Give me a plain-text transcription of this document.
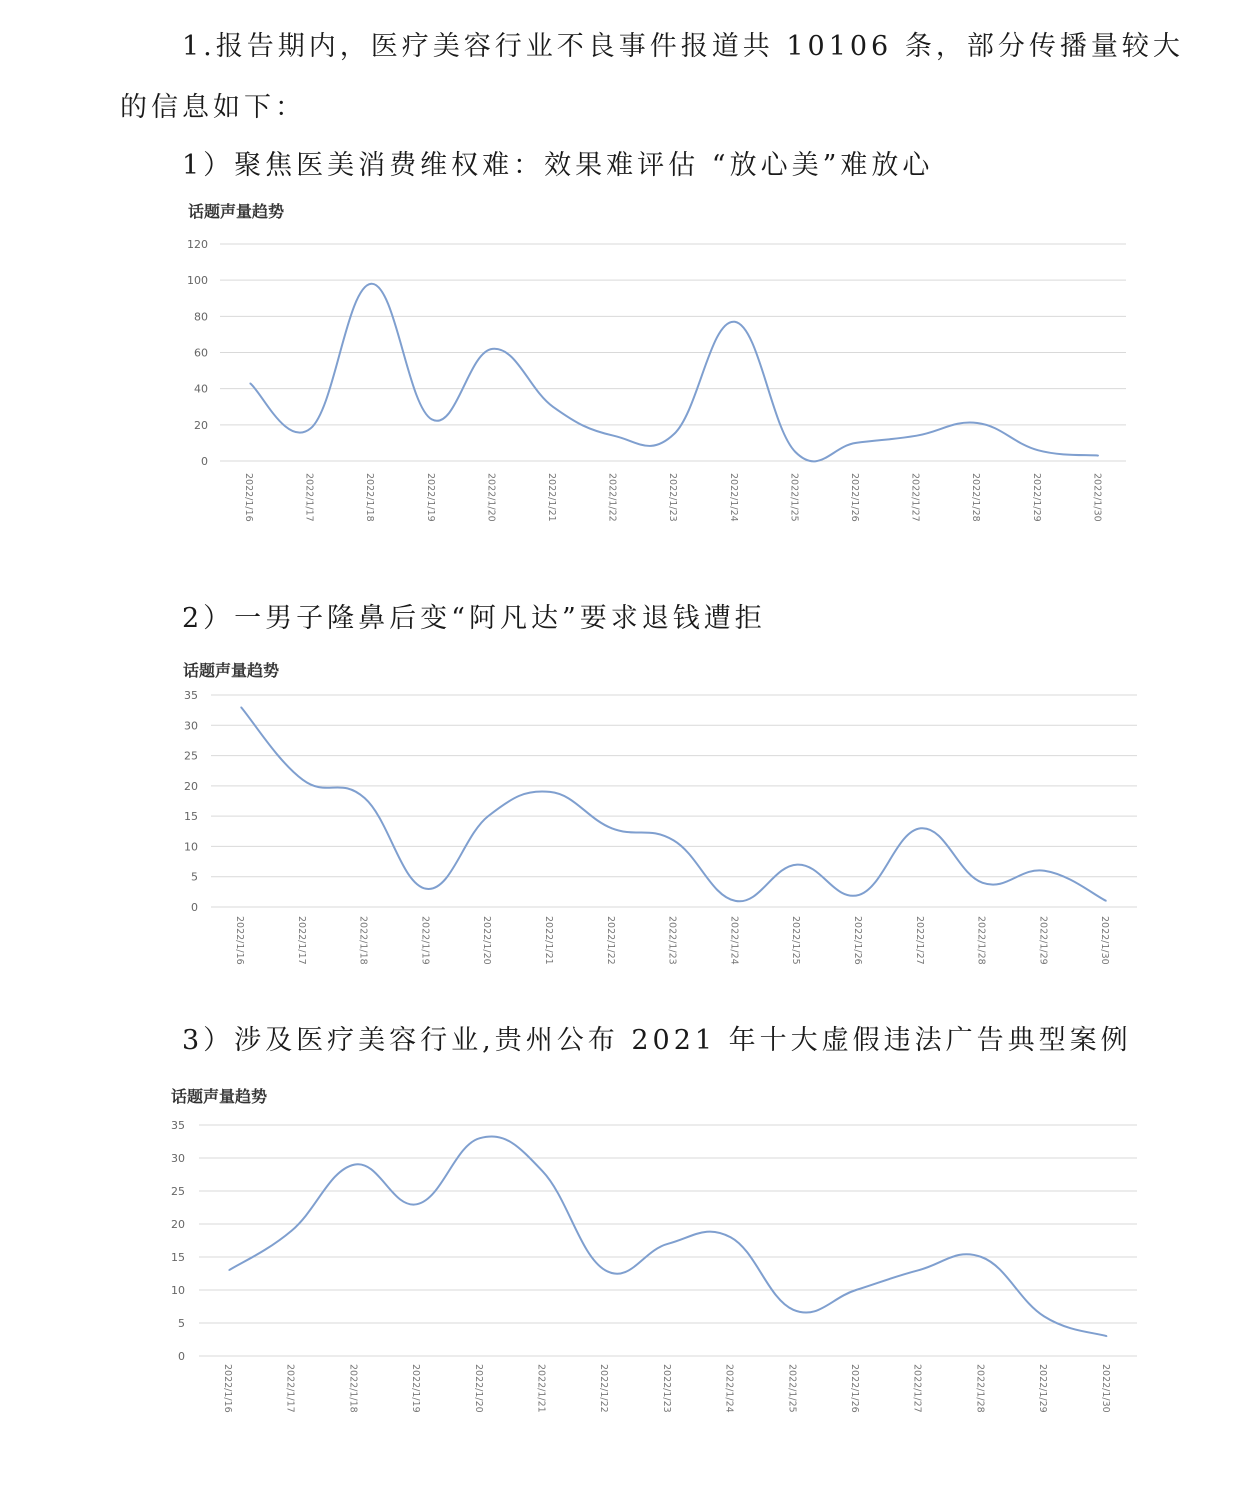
1.报告期内，医疗美容行业不良事件报道共 10106 条，部分传播量较大

的信息如下：

1）聚焦医美消费维权难：效果难评估 “放心美”难放心

话题声量趋势
0
20
40
60
80
100
120
2022/1/16	2022/1/17	2022/1/18	2022/1/19	2022/1/20	2022/1/21	2022/1/22	2022/1/23	2022/1/24	2022/1/25	2022/1/26	2022/1/27	2022/1/28	2022/1/29	2022/1/30

2）一男子隆鼻后变“阿凡达”要求退钱遭拒

话题声量趋势
0
5
10
15
20
25
30
35
2022/1/16	2022/1/17	2022/1/18	2022/1/19	2022/1/20	2022/1/21	2022/1/22	2022/1/23	2022/1/24	2022/1/25	2022/1/26	2022/1/27	2022/1/28	2022/1/29	2022/1/30

3）涉及医疗美容行业,贵州公布 2021 年十大虚假违法广告典型案例

话题声量趋势
0
5
10
15
20
25
30
35
2022/1/16	2022/1/17	2022/1/18	2022/1/19	2022/1/20	2022/1/21	2022/1/22	2022/1/23	2022/1/24	2022/1/25	2022/1/26	2022/1/27	2022/1/28	2022/1/29	2022/1/30
